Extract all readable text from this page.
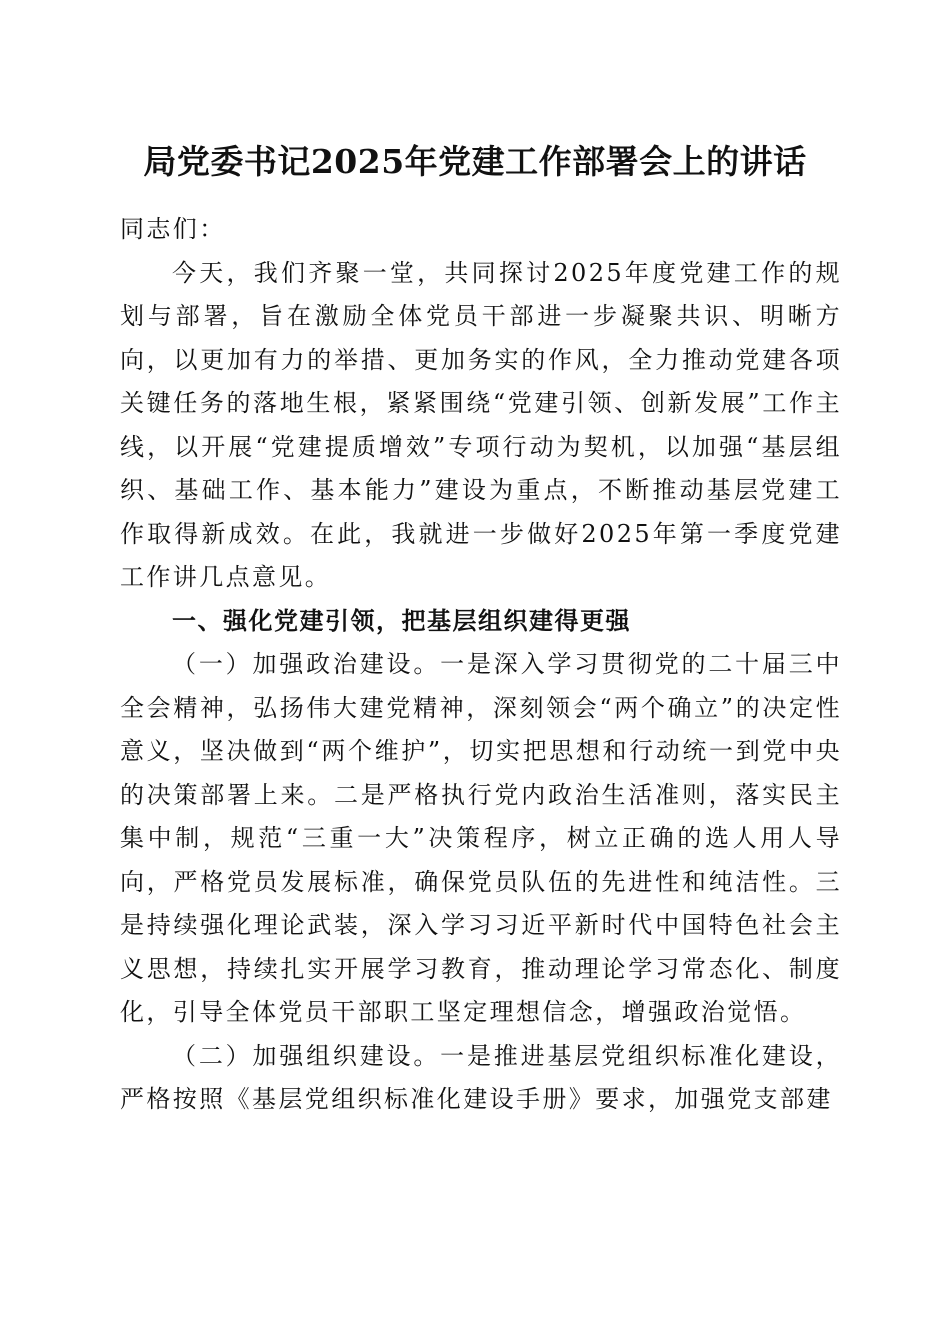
局党委书记2025年党建工作部署会上的讲话

同志们：

今天，我们齐聚一堂，共同探讨2025年度党建工作的规划与部署，旨在激励全体党员干部进一步凝聚共识、明晰方向，以更加有力的举措、更加务实的作风，全力推动党建各项关键任务的落地生根，紧紧围绕“党建引领、创新发展”工作主线，以开展“党建提质增效”专项行动为契机，以加强“基层组织、基础工作、基本能力”建设为重点，不断推动基层党建工作取得新成效。在此，我就进一步做好2025年第一季度党建工作讲几点意见。

一、强化党建引领，把基层组织建得更强

（一）加强政治建设。一是深入学习贯彻党的二十届三中全会精神，弘扬伟大建党精神，深刻领会“两个确立”的决定性意义，坚决做到“两个维护”，切实把思想和行动统一到党中央的决策部署上来。二是严格执行党内政治生活准则，落实民主集中制，规范“三重一大”决策程序，树立正确的选人用人导向，严格党员发展标准，确保党员队伍的先进性和纯洁性。三是持续强化理论武装，深入学习习近平新时代中国特色社会主义思想，持续扎实开展学习教育，推动理论学习常态化、制度化，引导全体党员干部职工坚定理想信念，增强政治觉悟。

（二）加强组织建设。一是推进基层党组织标准化建设，严格按照《基层党组织标准化建设手册》要求，加强党支部建
